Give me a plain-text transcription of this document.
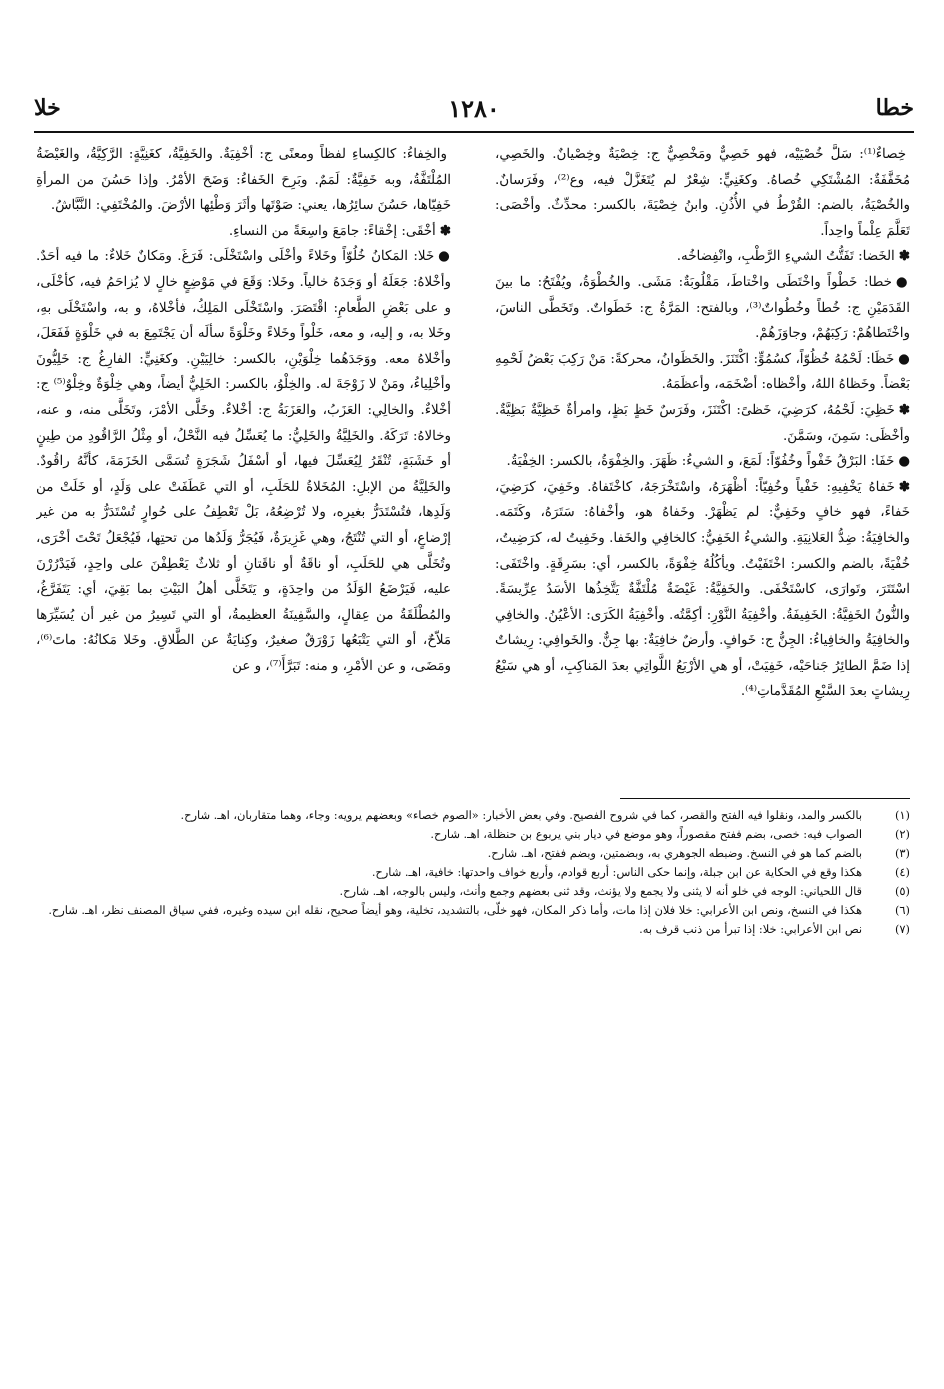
خلا	١٢٨٠	خطا

خِصاءٌ⁽¹⁾: سَلَّ خُصْيَيْه، فهو خَصِيٌّ ومَخْصِيٌّ ج: خِصْيَةٌ وخِصْيانٌ. والخَصِي، مُخَفَّفَةٌ: المُشْتَكِي خُصاهُ. وكغَنِيٍّ: شِعْرٌ لم يُتَغَزَّلْ فيه، وع⁽²⁾، وفَرَسانٌ. والخُصْيَةُ، بالضم: القُرْطُ في الأُذُنِ. وابنُ خِصْيَةَ، بالكسر: محدِّثٌ. وأخْصَى: تَعَلَّمَ عِلْماً واحِداً.

✽الخَضا: تَفَتُّتُ الشيءِ الرَّطْبِ، وانْفِضاخُه.

●خطا: خَطْواً واخْتَطَى واخْتاطَ، مَقْلُوبَةٌ: مَشَى. والخُطْوَةُ، ويُفْتَحُ: ما بينَ القَدَمَيْنِ ج: خُطاً وخُطُواتٌ⁽³⁾، وبالفتح: المَرَّةُ ج: خَطَواتٌ. وتَخَطَّى الناسَ، واخْتَطاهُمْ: رَكِبَهُمْ، وجاوَزَهُمْ.

●خَظَا: لَحْمُهُ خُظُوّاً، كسُمُوٍّ: اكْتَنَزَ. والخَظَوانُ، محركةً: مَنْ رَكِبَ بَعْضُ لَحْمِهِ بَعْضاً. وخَظاهُ اللهُ، وأخْظاه: أضْخَمَه، وأعظَمَهُ.

✽خَظِيَ: لَحْمُهُ، كرَضِيَ، خَظىً: اكْتَنَزَ، وفَرَسٌ خَظٍ بَظٍ، وامرأةٌ خَظِيَّةٌ بَظِيَّةٌ. وأخْظَى: سَمِنَ، وسَمَّنَ.

●خَفَا: البَرْقُ خَفْواً وخُفُوّاً: لَمَعَ، و الشيءُ: ظَهَرَ. والخِفْوَةُ، بالكسر: الخِفْيَةُ.

✽خَفاهُ يَخْفِيهِ: خَفْياً وخُفِيّاً: أظْهَرَهُ، واسْتَخْرَجَهُ، كاخْتَفاهُ. وخَفِيَ، كرَضِيَ، خَفاءً، فهو خافٍ وخَفِيٌّ: لم يَظْهَرْ. وخَفاهُ هو، وأخْفاهُ: سَتَرَهُ، وكَتَمَه. والخافِيَةُ: ضِدُّ العَلانِيَةِ. والشيءُ الخَفِيُّ: كالخافِي والخَفا. وخَفِيتُ له، كرَضِيتُ، خُفْيَةً، بالضم والكسر: اخْتَفَيْتُ. ويأكُلُهُ خِفْوَةً، بالكسر، أي: بسَرِقَةٍ. واخْتَفَى: اسْتَتَرَ، وتَوارَى، كاسْتَخْفَى. والخَفِيَّةُ: غَيْضَةٌ مُلْتَفَّةٌ يَتَّخِذُها الأسَدُ عِرِّيسَةً. والنُّونُ الخَفِيَّةُ: الخَفِيفَةُ. وأخْفِيَةُ النَّوْرِ: أكِمَّتُه. وأخْفِيَةُ الكَرَى: الأعْيُنُ. والخافِي والخافِيَةُ والخافِياءُ: الجِنُّ ج: خَوافٍ. وأرضٌ خافِيَةٌ: بها جِنٌّ. والخَوافِي: رِيشاتٌ إذا ضَمَّ الطائِرُ جَناحَيْه، خَفِيَتْ، أو هي الأرْبَعُ اللَّواتِي بعدَ المَناكِبِ، أو هي سَبْعُ رِيشاتٍ بعدَ السَّبْعِ المُقَدَّماتِ⁽⁴⁾.

والخِفاءُ: كالكِساءِ لفظاً ومعنًى ج: أخْفِيَةٌ. والخَفِيَّةُ، كغَنِيَّةٍ: الرَّكِيَّةُ، والغَيْضَةُ المُلْتَفَّةُ، وبه خَفِيَّةٌ: لَمَمٌ. وبَرِحَ الخَفاءُ: وَضَحَ الأمْرُ. وإذا حَسُنَ من المرأةِ خَفِيّاها، حَسُنَ سائِرُها، يعني: صَوْتَها وأثَرَ وَطْئِها الأرْضَ. والمُخْتَفِي: النَّبَّاشُ.

✽أخْقَى: إخْقاءً: جامَعَ واسِعَةً من النساءِ.

●خَلا: المَكانُ خُلُوّاً وخَلاءً وأخْلَى واسْتَخْلَى: فَرَغَ. ومَكانٌ خَلاءٌ: ما فيه أحَدٌ. وأخْلاهُ: جَعَلَهُ أو وَجَدَهُ خالياً. وخَلا: وَقَعَ في مَوْضِعٍ خالٍ لا يُزاحَمُ فيه، كأخْلَى، و على بَعْضِ الطَّعامِ: اقْتَصَرَ. واسْتَخْلَى المَلِكُ، فأخْلاهُ، و به، واسْتَخْلَى بهِ، وخَلا به، و إليه، و معه، خَلْواً وخَلاءً وخَلْوَةً سألَه أن يَجْتَمِعَ به في خَلْوَةٍ فَفَعَلَ، وأخْلاهُ معه. ووَجَدَهُما خِلْوَيْنِ، بالكسر: خالِيَيْنِ. وكغَنِيٍّ: الفارِغُ ج: خَلِيُّونَ وأخْلِياءُ، ومَنْ لا زَوْجَةَ له. والخِلْوُ، بالكسر: الخَلِيُّ أيضاً، وهي خِلْوَةٌ وخِلْوٌ⁽⁵⁾ ج: أخْلاءٌ. والخالِي: العَزَبُ، والعَزَبَةُ ج: أخْلاءٌ. وخَلَّى الأمْرَ، وتَخَلَّى منه، و عنه، وخالاهُ: تَرَكَهُ. والخَلِيَّةُ والخَلِيُّ: ما يُعَسِّلُ فيه النَّحْلُ، أو مِثْلُ الرَّاقُودِ من طِينٍ أو خَشَبَةٍ، تُنْقَرُ لِيُعَسِّلَ فيها، أو أسْفَلُ شَجَرَةٍ تُسَمَّى الخَزَمَةَ، كأنَّهُ راقُودٌ. والخَلِيَّةُ من الإبلِ: المُخَلاةُ للحَلَبِ، أو التي عَطَفَتْ على وَلَدٍ، أو خَلَتْ من وَلَدِها، فتُسْتَدَرُّ بغيرِه، ولا تُرْضِعُهُ، بَلْ تَعْطِفُ على حُوارٍ تُسْتَدَرُّ به من غير إرْضاعٍ، أو التي تُنْتَجُ، وهي غَزِيرَةٌ، فَيُجَرُّ وَلَدُها من تحتِها، فَيُجْعَلُ تَحْتَ أخْرَى، وتُخَلَّى هي للحَلَبِ، أو ناقَةٌ أو ناقَتانِ أو ثلاثٌ يَعْطِفْنَ على واحِدٍ، فَيَدْرُرْنَ عليه، فَيَرْضَعُ الوَلَدُ من واحِدَةٍ، و يَتَخَلَّى أهلُ البَيْتِ بما بَقِيَ، أي: يَتَفَرَّغُ، والمُطْلَقَةُ من عِقالٍ، والسَّفِينَةُ العظيمةُ، أو التي تَسِيرُ من غير أن يُسَيِّرَها مَلاّحٌ، أو التي يَتْبَعُها زَوْرَقٌ صغيرٌ، وكِنايَةٌ عن الطَّلاقِ. وخَلا مَكانُهُ: ماتَ⁽⁶⁾، ومَضَى، و عن الأمْرِ، و منه: تَبَرَّأَ⁽⁷⁾، و عن

(١)
بالكسر والمد، ونقلوا فيه الفتح والقصر، كما في شروح الفصيح. وفي بعض الأخبار: «الصوم خصاء» وبعضهم يرويه: وجاء، وهما متقاربان، اهـ. شارح.
(٢)
الصواب فيه: خصى، بضم ففتح مقصوراً، وهو موضع في ديار بني يربوع بن حنظلة، اهـ. شارح.
(٣)
بالضم كما هو في النسخ. وضبطه الجوهري به، وبضمتين، وبضم ففتح، اهـ. شارح.
(٤)
هكذا وقع في الحكاية عن ابن جبلة، وإنما حكى الناس: أربع قوادم، وأربع خواف واحدتها: خافية، اهـ. شارح.
(٥)
قال اللحياني: الوجه في خلو أنه لا يثنى ولا يجمع ولا يؤنث، وقد ثنى بعضهم وجمع وأنث، وليس بالوجه، اهـ. شارح.
(٦)
هكذا في النسخ، ونص ابن الأعرابي: خلا فلان إذا مات، وأما ذكر المكان، فهو خلّى، بالتشديد، تخلية، وهو أيضاً صحيح، نقله ابن سيده وغيره، ففي سياق المصنف نظر، اهـ. شارح.
(٧)
نص ابن الأعرابي: خلا: إذا تبرأ من ذنب قرف به.
